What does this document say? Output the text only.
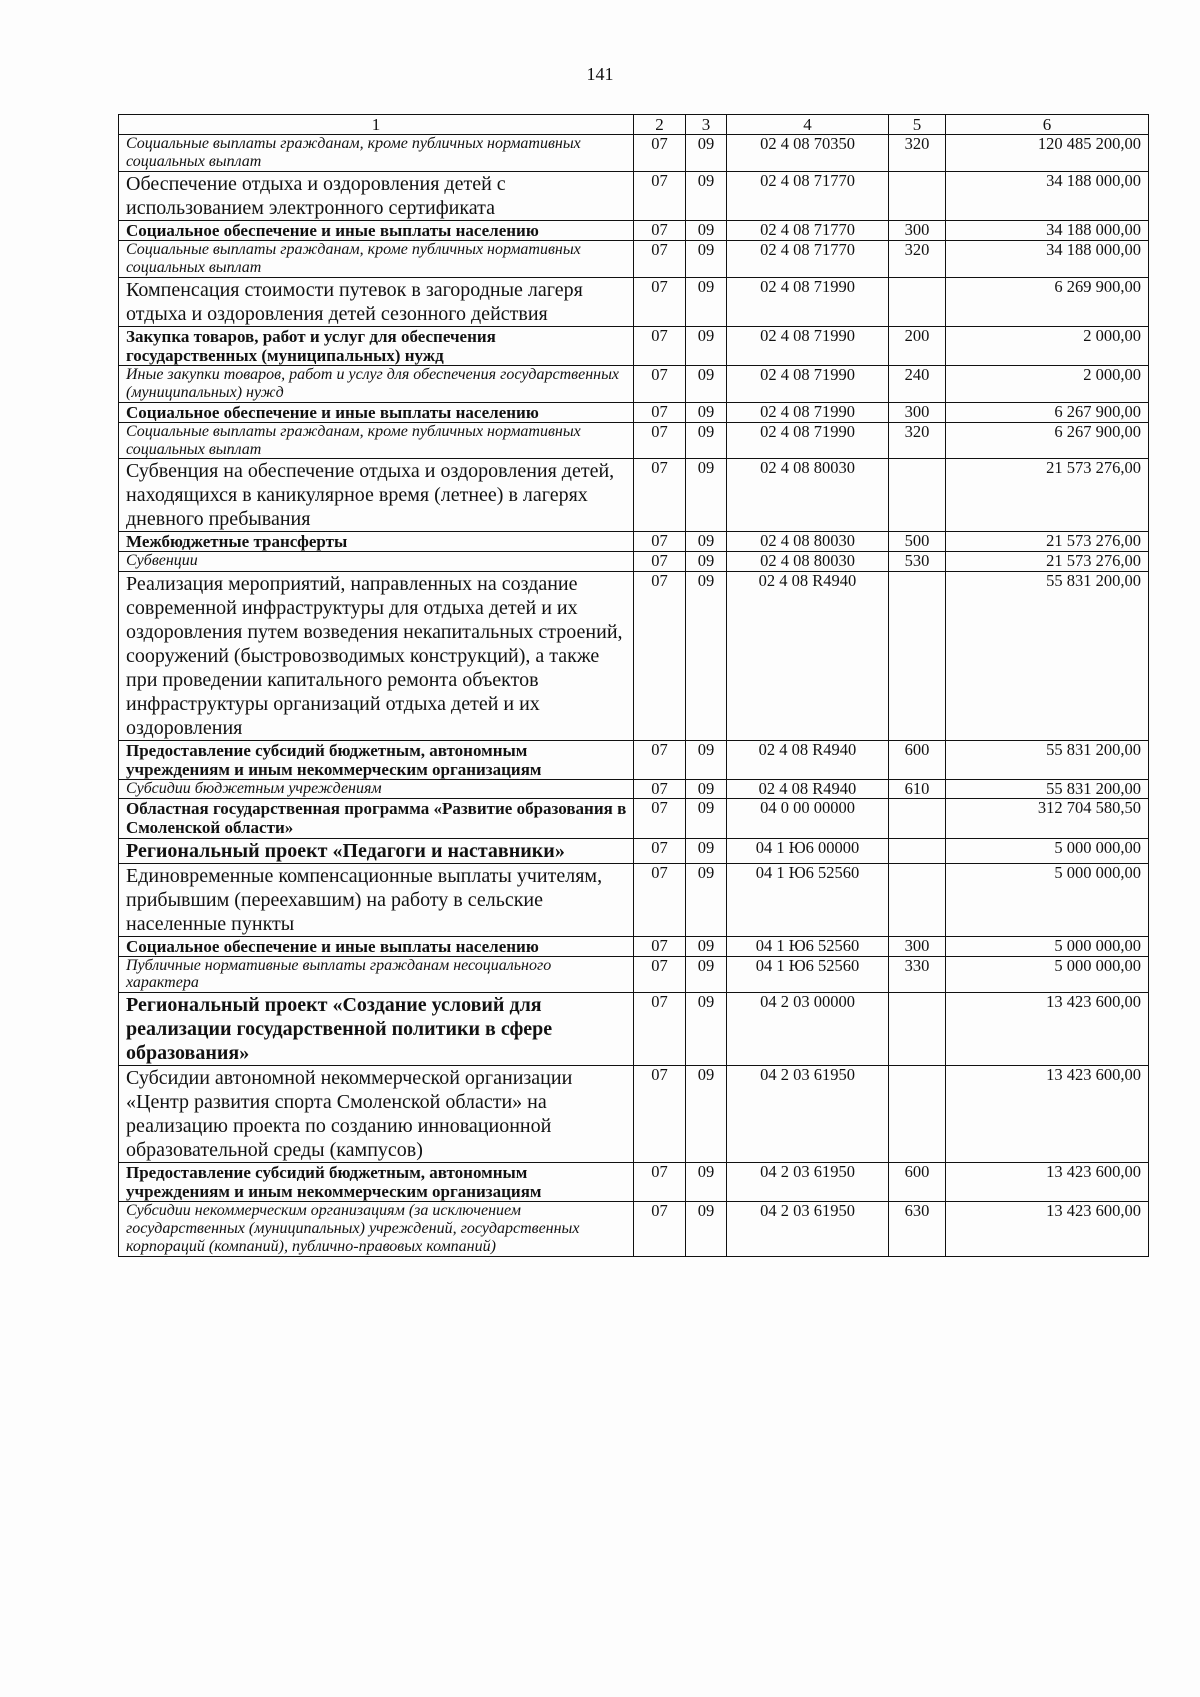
141
1	2	3	4	5	6
Социальные выплаты гражданам, кроме публичных нормативных социальных выплат	07	09	02 4 08 70350	320	120 485 200,00
Обеспечение отдыха и оздоровления детей с использованием электронного сертификата	07	09	02 4 08 71770		34 188 000,00
Социальное обеспечение и иные выплаты населению	07	09	02 4 08 71770	300	34 188 000,00
Социальные выплаты гражданам, кроме публичных нормативных социальных выплат	07	09	02 4 08 71770	320	34 188 000,00
Компенсация стоимости путевок в загородные лагеря отдыха и оздоровления детей сезонного действия	07	09	02 4 08 71990		6 269 900,00
Закупка товаров, работ и услуг для обеспечения государственных (муниципальных) нужд	07	09	02 4 08 71990	200	2 000,00
Иные закупки товаров, работ и услуг для обеспечения государственных (муниципальных) нужд	07	09	02 4 08 71990	240	2 000,00
Социальное обеспечение и иные выплаты населению	07	09	02 4 08 71990	300	6 267 900,00
Социальные выплаты гражданам, кроме публичных нормативных социальных выплат	07	09	02 4 08 71990	320	6 267 900,00
Субвенция на обеспечение отдыха и оздоровления детей, находящихся в каникулярное время (летнее) в лагерях дневного пребывания	07	09	02 4 08 80030		21 573 276,00
Межбюджетные трансферты	07	09	02 4 08 80030	500	21 573 276,00
Субвенции	07	09	02 4 08 80030	530	21 573 276,00
Реализация мероприятий, направленных на создание современной инфраструктуры для отдыха детей и их оздоровления путем возведения некапитальных строений, сооружений (быстровозводимых конструкций), а также при проведении капитального ремонта объектов инфраструктуры организаций отдыха детей и их оздоровления	07	09	02 4 08 R4940		55 831 200,00
Предоставление субсидий бюджетным, автономным учреждениям и иным некоммерческим организациям	07	09	02 4 08 R4940	600	55 831 200,00
Субсидии бюджетным учреждениям	07	09	02 4 08 R4940	610	55 831 200,00
Областная государственная программа «Развитие образования в Смоленской области»	07	09	04 0 00 00000		312 704 580,50
Региональный проект «Педагоги и наставники»	07	09	04 1 Ю6 00000		5 000 000,00
Единовременные компенсационные выплаты учителям, прибывшим (переехавшим) на работу в сельские населенные пункты	07	09	04 1 Ю6 52560		5 000 000,00
Социальное обеспечение и иные выплаты населению	07	09	04 1 Ю6 52560	300	5 000 000,00
Публичные нормативные выплаты гражданам несоциального характера	07	09	04 1 Ю6 52560	330	5 000 000,00
Региональный проект «Создание условий для реализации государственной политики в сфере образования»	07	09	04 2 03 00000		13 423 600,00
Субсидии автономной некоммерческой организации «Центр развития спорта Смоленской области» на реализацию проекта по созданию инновационной образовательной среды (кампусов)	07	09	04 2 03 61950		13 423 600,00
Предоставление субсидий бюджетным, автономным учреждениям и иным некоммерческим организациям	07	09	04 2 03 61950	600	13 423 600,00
Субсидии некоммерческим организациям (за исключением государственных (муниципальных) учреждений, государственных корпораций (компаний), публично-правовых компаний)	07	09	04 2 03 61950	630	13 423 600,00
